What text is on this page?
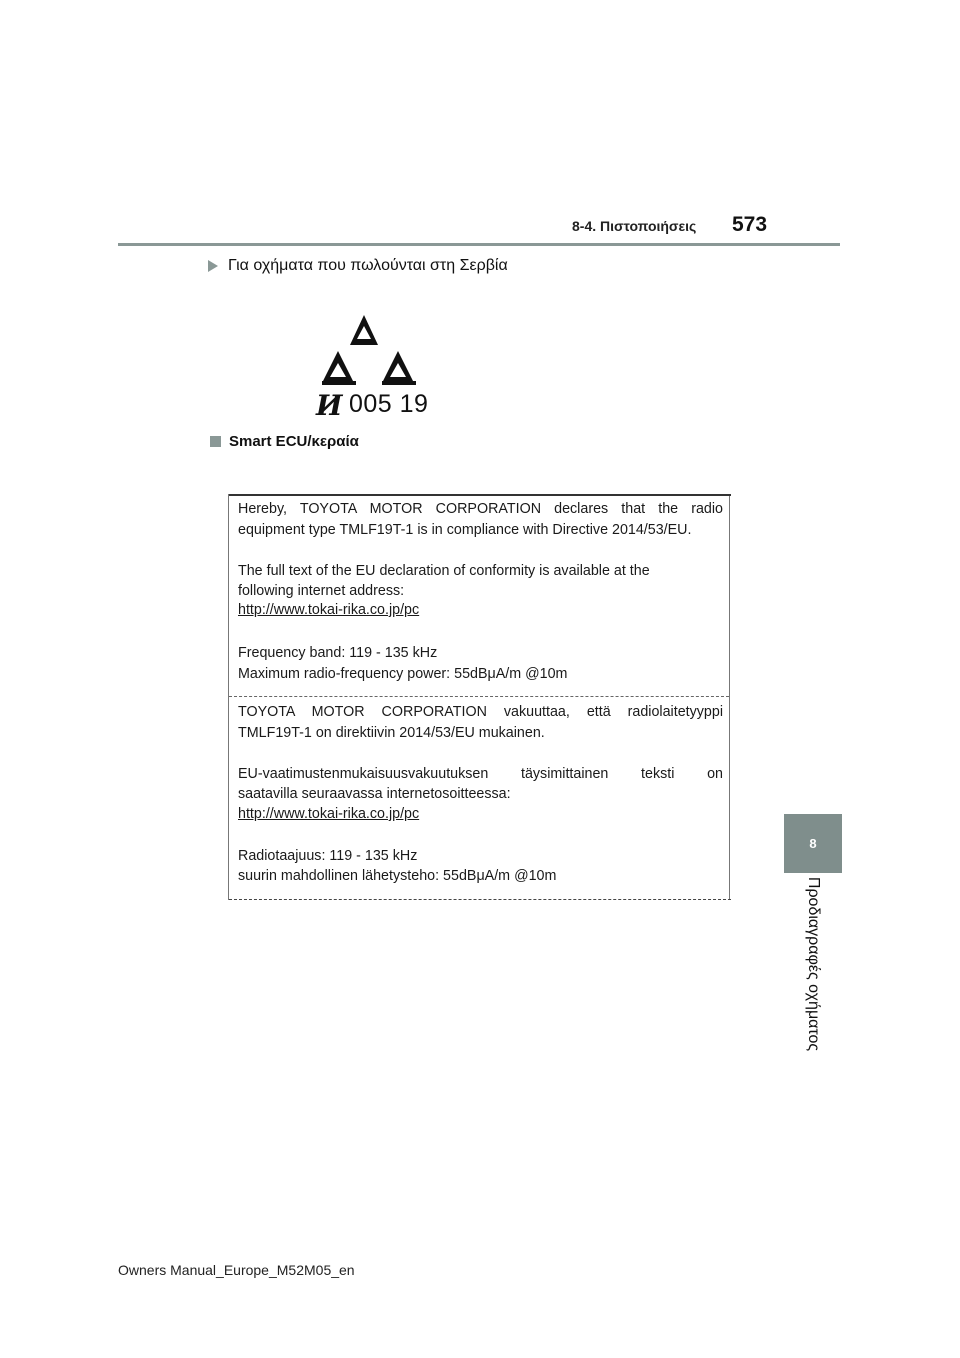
8-4. Πιστοποιήσεις 573
Για οχήματα που πωλούνται στη Σερβία
И 005 19
Smart ECU/κεραία
Hereby, TOYOTA MOTOR CORPORATION declares that the radio
equipment type TMLF19T-1 is in compliance with Directive 2014/53/EU.
The full text of the EU declaration of conformity is available at the
following internet address:
http://www.tokai-rika.co.jp/pc
Frequency band: 119 - 135 kHz
Maximum radio-frequency power: 55dBμA/m @10m
TOYOTA MOTOR CORPORATION vakuuttaa, että radiolaitetyyppi
TMLF19T-1 on direktiivin 2014/53/EU mukainen.
EU-vaatimustenmukaisuusvakuutuksen täysimittainen teksti on
saatavilla seuraavassa internetosoitteessa:
http://www.tokai-rika.co.jp/pc
Radiotaajuus: 119 - 135 kHz
suurin mahdollinen lähetysteho: 55dBμA/m @10m
8
Προδιαγραφές οχήματος
Owners Manual_Europe_M52M05_en
